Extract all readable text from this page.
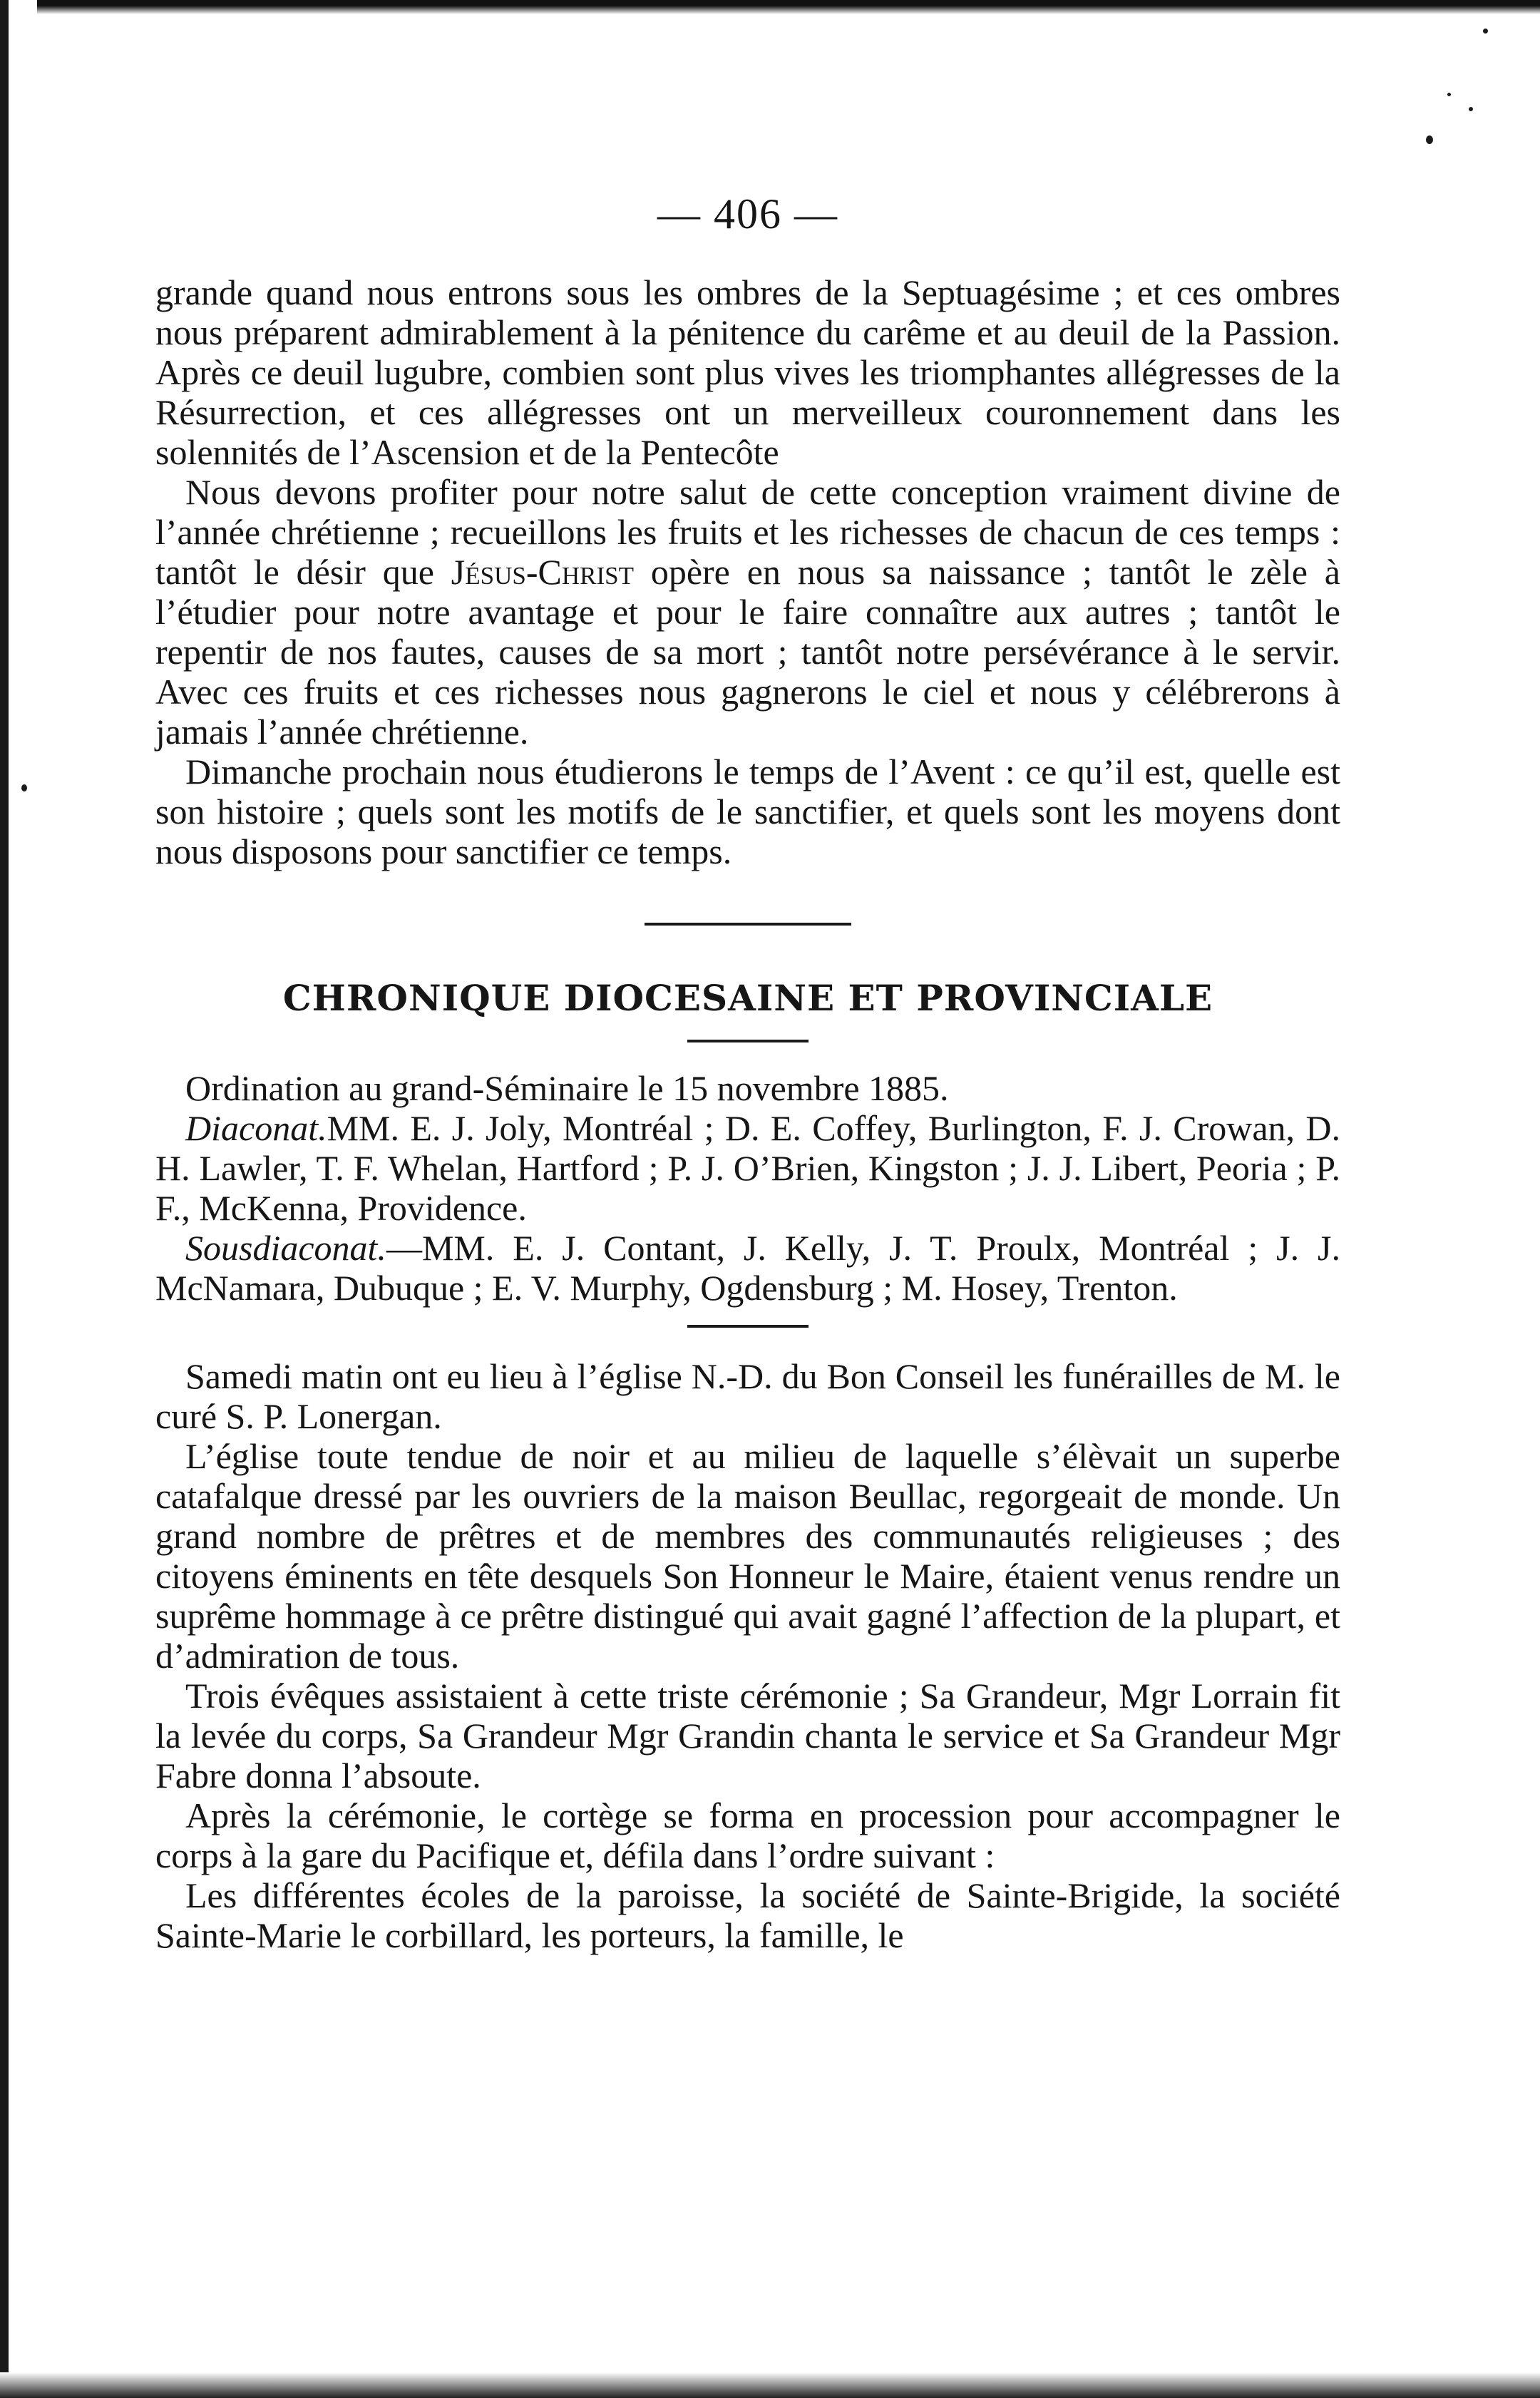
— 406 —

grande quand nous entrons sous les ombres de la Septuagésime ; et ces ombres nous préparent admirablement à la pénitence du carême et au deuil de la Passion. Après ce deuil lugubre, combien sont plus vives les triomphantes allégresses de la Résurrection, et ces allégresses ont un merveilleux couronnement dans les solennités de l’Ascension et de la Pentecôte

Nous devons profiter pour notre salut de cette conception vraiment divine de l’année chrétienne ; recueillons les fruits et les richesses de chacun de ces temps : tantôt le désir que Jésus-Christ opère en nous sa naissance ; tantôt le zèle à l’étudier pour notre avantage et pour le faire connaître aux autres ; tantôt le repentir de nos fautes, causes de sa mort ; tantôt notre persévérance à le servir. Avec ces fruits et ces richesses nous gagnerons le ciel et nous y célébrerons à jamais l’année chrétienne.

Dimanche prochain nous étudierons le temps de l’Avent : ce qu’il est, quelle est son histoire ; quels sont les motifs de le sanctifier, et quels sont les moyens dont nous disposons pour sanctifier ce temps.

CHRONIQUE DIOCESAINE ET PROVINCIALE

Ordination au grand-Séminaire le 15 novembre 1885.

Diaconat.MM. E. J. Joly, Montréal ; D. E. Coffey, Burlington, F. J. Crowan, D. H. Lawler, T. F. Whelan, Hartford ; P. J. O’Brien, Kingston ; J. J. Libert, Peoria ; P. F., McKenna, Providence.

Sousdiaconat.—MM. E. J. Contant, J. Kelly, J. T. Proulx, Montréal ; J. J. McNamara, Dubuque ; E. V. Murphy, Ogdensburg ; M. Hosey, Trenton.

Samedi matin ont eu lieu à l’église N.-D. du Bon Conseil les funérailles de M. le curé S. P. Lonergan.

L’église toute tendue de noir et au milieu de laquelle s’élèvait un superbe catafalque dressé par les ouvriers de la maison Beullac, regorgeait de monde. Un grand nombre de prêtres et de membres des communautés religieuses ; des citoyens éminents en tête desquels Son Honneur le Maire, étaient venus rendre un suprême hommage à ce prêtre distingué qui avait gagné l’affection de la plupart, et d’admiration de tous.

Trois évêques assistaient à cette triste cérémonie ; Sa Grandeur, Mgr Lorrain fit la levée du corps, Sa Grandeur Mgr Grandin chanta le service et Sa Grandeur Mgr Fabre donna l’absoute.

Après la cérémonie, le cortège se forma en procession pour accompagner le corps à la gare du Pacifique et, défila dans l’ordre suivant :

Les différentes écoles de la paroisse, la société de Sainte-Brigide, la société Sainte-Marie le corbillard, les porteurs, la famille, le
